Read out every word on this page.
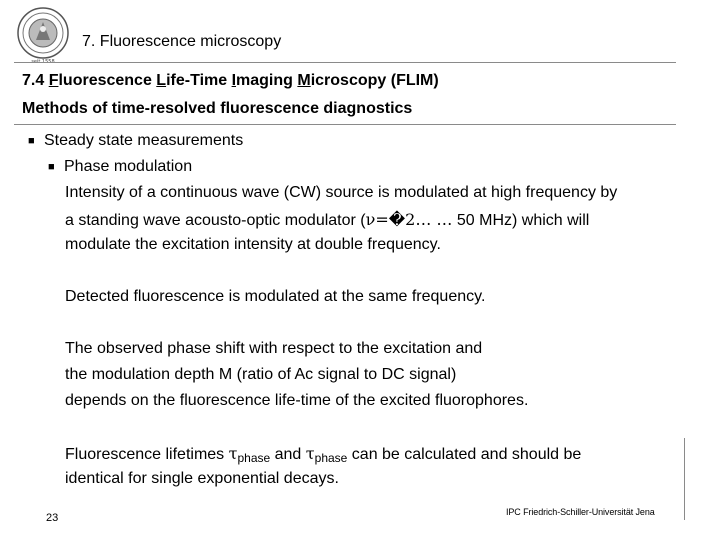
seit 1558
7. Fluorescence microscopy
7.4 Fluorescence Life-Time Imaging Microscopy (FLIM)
Methods of time-resolved fluorescence diagnostics
■ Steady state measurements
■ Phase modulation
Intensity of a continuous wave (CW) source is modulated at high frequency by
a standing wave acousto-optic modulator (ν=�2… … 50 MHz) which will
modulate the excitation intensity at double frequency.
Detected fluorescence is modulated at the same frequency.
The observed phase shift with respect to the excitation and
the modulation depth M (ratio of Ac signal to DC signal)
depends on the fluorescence life-time of the excited fluorophores.
Fluorescence lifetimes $\tau_{phase}$ and $\tau_{phase}$ can be calculated and should be
identical for single exponential decays.
23	IPC Friedrich-Schiller-Universität Jena
